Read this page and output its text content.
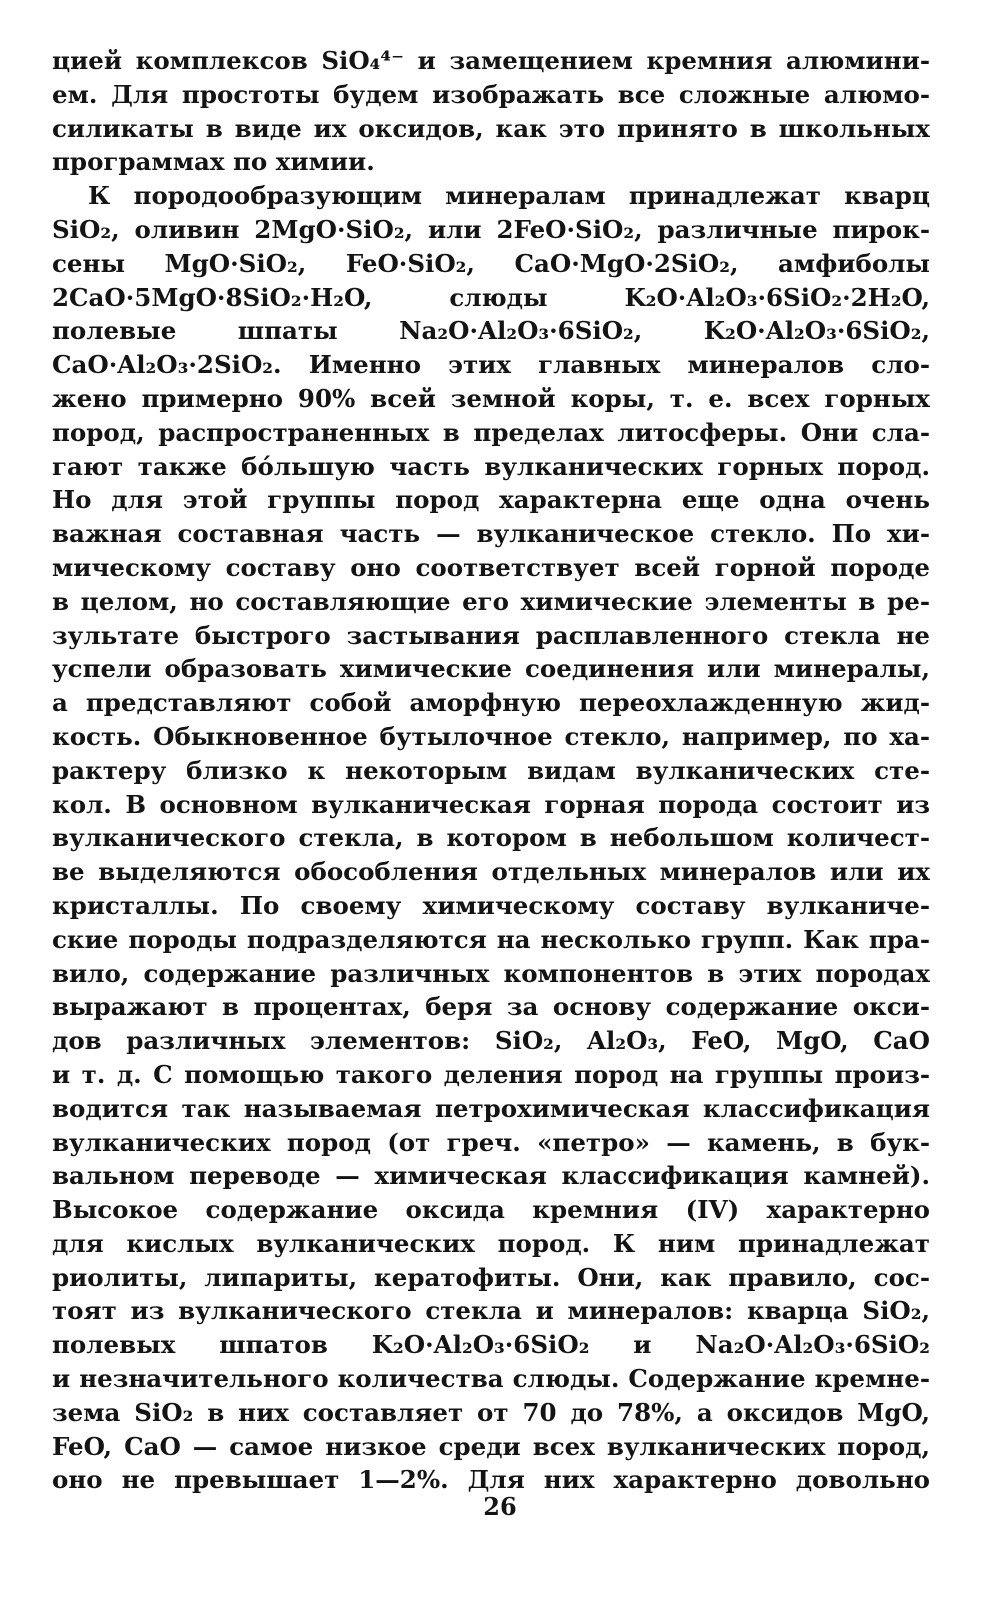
цией комплексов SiO₄⁴⁻ и замещением кремния алюмини-
ем. Для простоты будем изображать все сложные алюмо-
силикаты в виде их оксидов, как это принято в школьных
программах по химии.
К породообразующим минералам принадлежат кварц
SiO₂, оливин 2MgO·SiO₂, или 2FeO·SiO₂, различные пирок-
сены MgO·SiO₂, FeO·SiO₂, CaO·MgO·2SiO₂, амфиболы
2CaO·5MgO·8SiO₂·H₂O, слюды K₂O·Al₂O₃·6SiO₂·2H₂O,
полевые шпаты Na₂O·Al₂O₃·6SiO₂, K₂O·Al₂O₃·6SiO₂,
CaO·Al₂O₃·2SiO₂. Именно этих главных минералов сло-
жено примерно 90% всей земной коры, т. е. всех горных
пород, распространенных в пределах литосферы. Они сла-
гают также бóльшую часть вулканических горных пород.
Но для этой группы пород характерна еще одна очень
важная составная часть — вулканическое стекло. По хи-
мическому составу оно соответствует всей горной породе
в целом, но составляющие его химические элементы в ре-
зультате быстрого застывания расплавленного стекла не
успели образовать химические соединения или минералы,
а представляют собой аморфную переохлажденную жид-
кость. Обыкновенное бутылочное стекло, например, по ха-
рактеру близко к некоторым видам вулканических сте-
кол. В основном вулканическая горная порода состоит из
вулканического стекла, в котором в небольшом количест-
ве выделяются обособления отдельных минералов или их
кристаллы. По своему химическому составу вулканиче-
ские породы подразделяются на несколько групп. Как пра-
вило, содержание различных компонентов в этих породах
выражают в процентах, беря за основу содержание окси-
дов различных элементов: SiO₂, Al₂O₃, FeO, MgO, CaO
и т. д. С помощью такого деления пород на группы произ-
водится так называемая петрохимическая классификация
вулканических пород (от греч. «петро» — камень, в бук-
вальном переводе — химическая классификация камней).
Высокое содержание оксида кремния (IV) характерно
для кислых вулканических пород. К ним принадлежат
риолиты, липариты, кератофиты. Они, как правило, сос-
тоят из вулканического стекла и минералов: кварца SiO₂,
полевых шпатов K₂O·Al₂O₃·6SiO₂ и Na₂O·Al₂O₃·6SiO₂
и незначительного количества слюды. Содержание кремне-
зема SiO₂ в них составляет от 70 до 78%, а оксидов MgO,
FeO, CaO — самое низкое среди всех вулканических пород,
оно не превышает 1—2%. Для них характерно довольно
26
